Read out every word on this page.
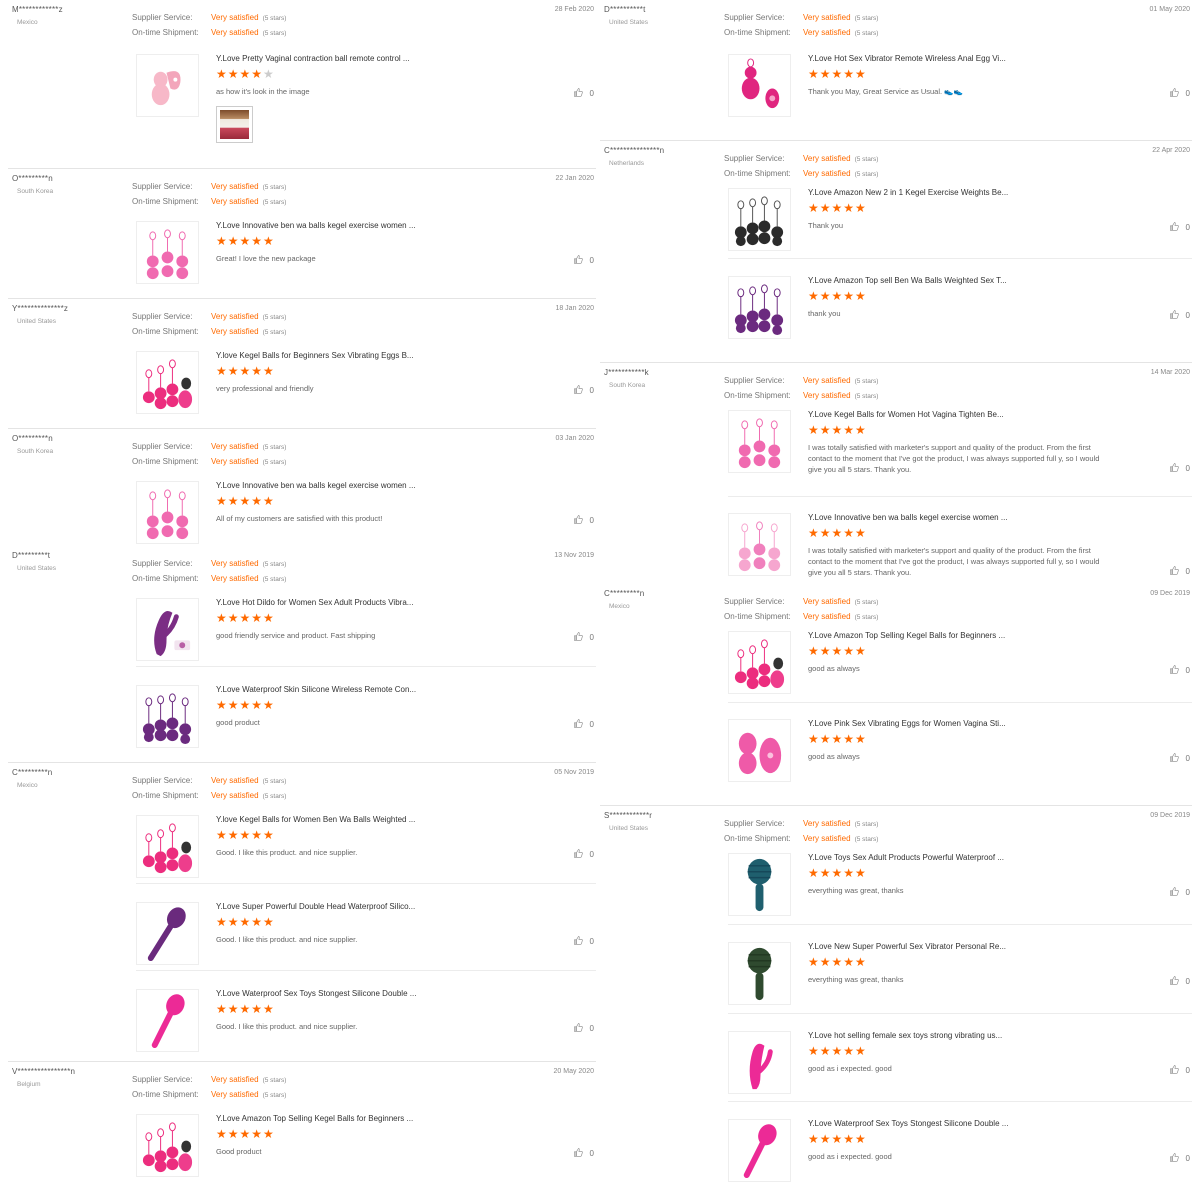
M************z
Mexico
Supplier Service: Very satisfied (5 stars)
On-time Shipment: Very satisfied (5 stars)
28 Feb 2020
Y.Love Pretty Vaginal contraction ball remote control ...
★★★★★
as how it's look in the image	0
O*********n
South Korea
Supplier Service: Very satisfied (5 stars)
On-time Shipment: Very satisfied (5 stars)
22 Jan 2020
Y.Love Innovative ben wa balls kegel exercise women ...
★★★★★
Great! I love the new package	0
Y**************z
United States
Supplier Service: Very satisfied (5 stars)
On-time Shipment: Very satisfied (5 stars)
18 Jan 2020
Y.love Kegel Balls for Beginners Sex Vibrating Eggs B...
★★★★★
very professional and friendly	0
O*********n
South Korea
Supplier Service: Very satisfied (5 stars)
On-time Shipment: Very satisfied (5 stars)
03 Jan 2020
Y.Love Innovative ben wa balls kegel exercise women ...
★★★★★
All of my customers are satisfied with this product!	0
D*********t
United States
Supplier Service: Very satisfied (5 stars)
On-time Shipment: Very satisfied (5 stars)
13 Nov 2019
Y.Love Hot Dildo for Women Sex Adult Products Vibra...
★★★★★
good friendly service and product. Fast shipping	0
Y.Love Waterproof Skin Silicone Wireless Remote Con...
★★★★★
good product	0
C*********n
Mexico
Supplier Service: Very satisfied (5 stars)
On-time Shipment: Very satisfied (5 stars)
05 Nov 2019
Y.love Kegel Balls for Women Ben Wa Balls Weighted ...
★★★★★
Good. I like this product. and nice supplier.	0
Y.Love Super Powerful Double Head Waterproof Silico...
★★★★★
Good. I like this product. and nice supplier.	0
Y.Love Waterproof Sex Toys Stongest Silicone Double ...
★★★★★
Good. I like this product. and nice supplier.	0
V****************n
Belgium
Supplier Service: Very satisfied (5 stars)
On-time Shipment: Very satisfied (5 stars)
20 May 2020
Y.Love Amazon Top Selling Kegel Balls for Beginners ...
★★★★★
Good product	0
D**********t
United States
Supplier Service: Very satisfied (5 stars)
On-time Shipment: Very satisfied (5 stars)
01 May 2020
Y.Love Hot Sex Vibrator Remote Wireless Anal Egg Vi...
★★★★★
Thank you May, Great Service as Usual. 👟👟	0
C***************n
Netherlands
Supplier Service: Very satisfied (5 stars)
On-time Shipment: Very satisfied (5 stars)
22 Apr 2020
Y.Love Amazon New 2 in 1 Kegel Exercise Weights Be...
★★★★★
Thank you	0
Y.Love Amazon Top sell Ben Wa Balls Weighted Sex T...
★★★★★
thank you	0
J***********k
South Korea
Supplier Service: Very satisfied (5 stars)
On-time Shipment: Very satisfied (5 stars)
14 Mar 2020
Y.Love Kegel Balls for Women Hot Vagina Tighten Be...
★★★★★
I was totally satisfied with marketer's support and quality of the product. From the first contact to the moment that I've got the product, I was always supported full y, so I would give you all 5 stars. Thank you.	0
Y.Love Innovative ben wa balls kegel exercise women ...
★★★★★
I was totally satisfied with marketer's support and quality of the product. From the first contact to the moment that I've got the product, I was always supported full y, so I would give you all 5 stars. Thank you.	0
C*********n
Mexico
Supplier Service: Very satisfied (5 stars)
On-time Shipment: Very satisfied (5 stars)
09 Dec 2019
Y.Love Amazon Top Selling Kegel Balls for Beginners ...
★★★★★
good as always	0
Y.Love Pink Sex Vibrating Eggs for Women Vagina Sti...
★★★★★
good as always	0
S************r
United States
Supplier Service: Very satisfied (5 stars)
On-time Shipment: Very satisfied (5 stars)
09 Dec 2019
Y.Love Toys Sex Adult Products Powerful Waterproof ...
★★★★★
everything was great, thanks	0
Y.Love New Super Powerful Sex Vibrator Personal Re...
★★★★★
everything was great, thanks	0
Y.Love hot selling female sex toys strong vibrating us...
★★★★★
good as i expected. good	0
Y.Love Waterproof Sex Toys Stongest Silicone Double ...
★★★★★
good as i expected. good	0
